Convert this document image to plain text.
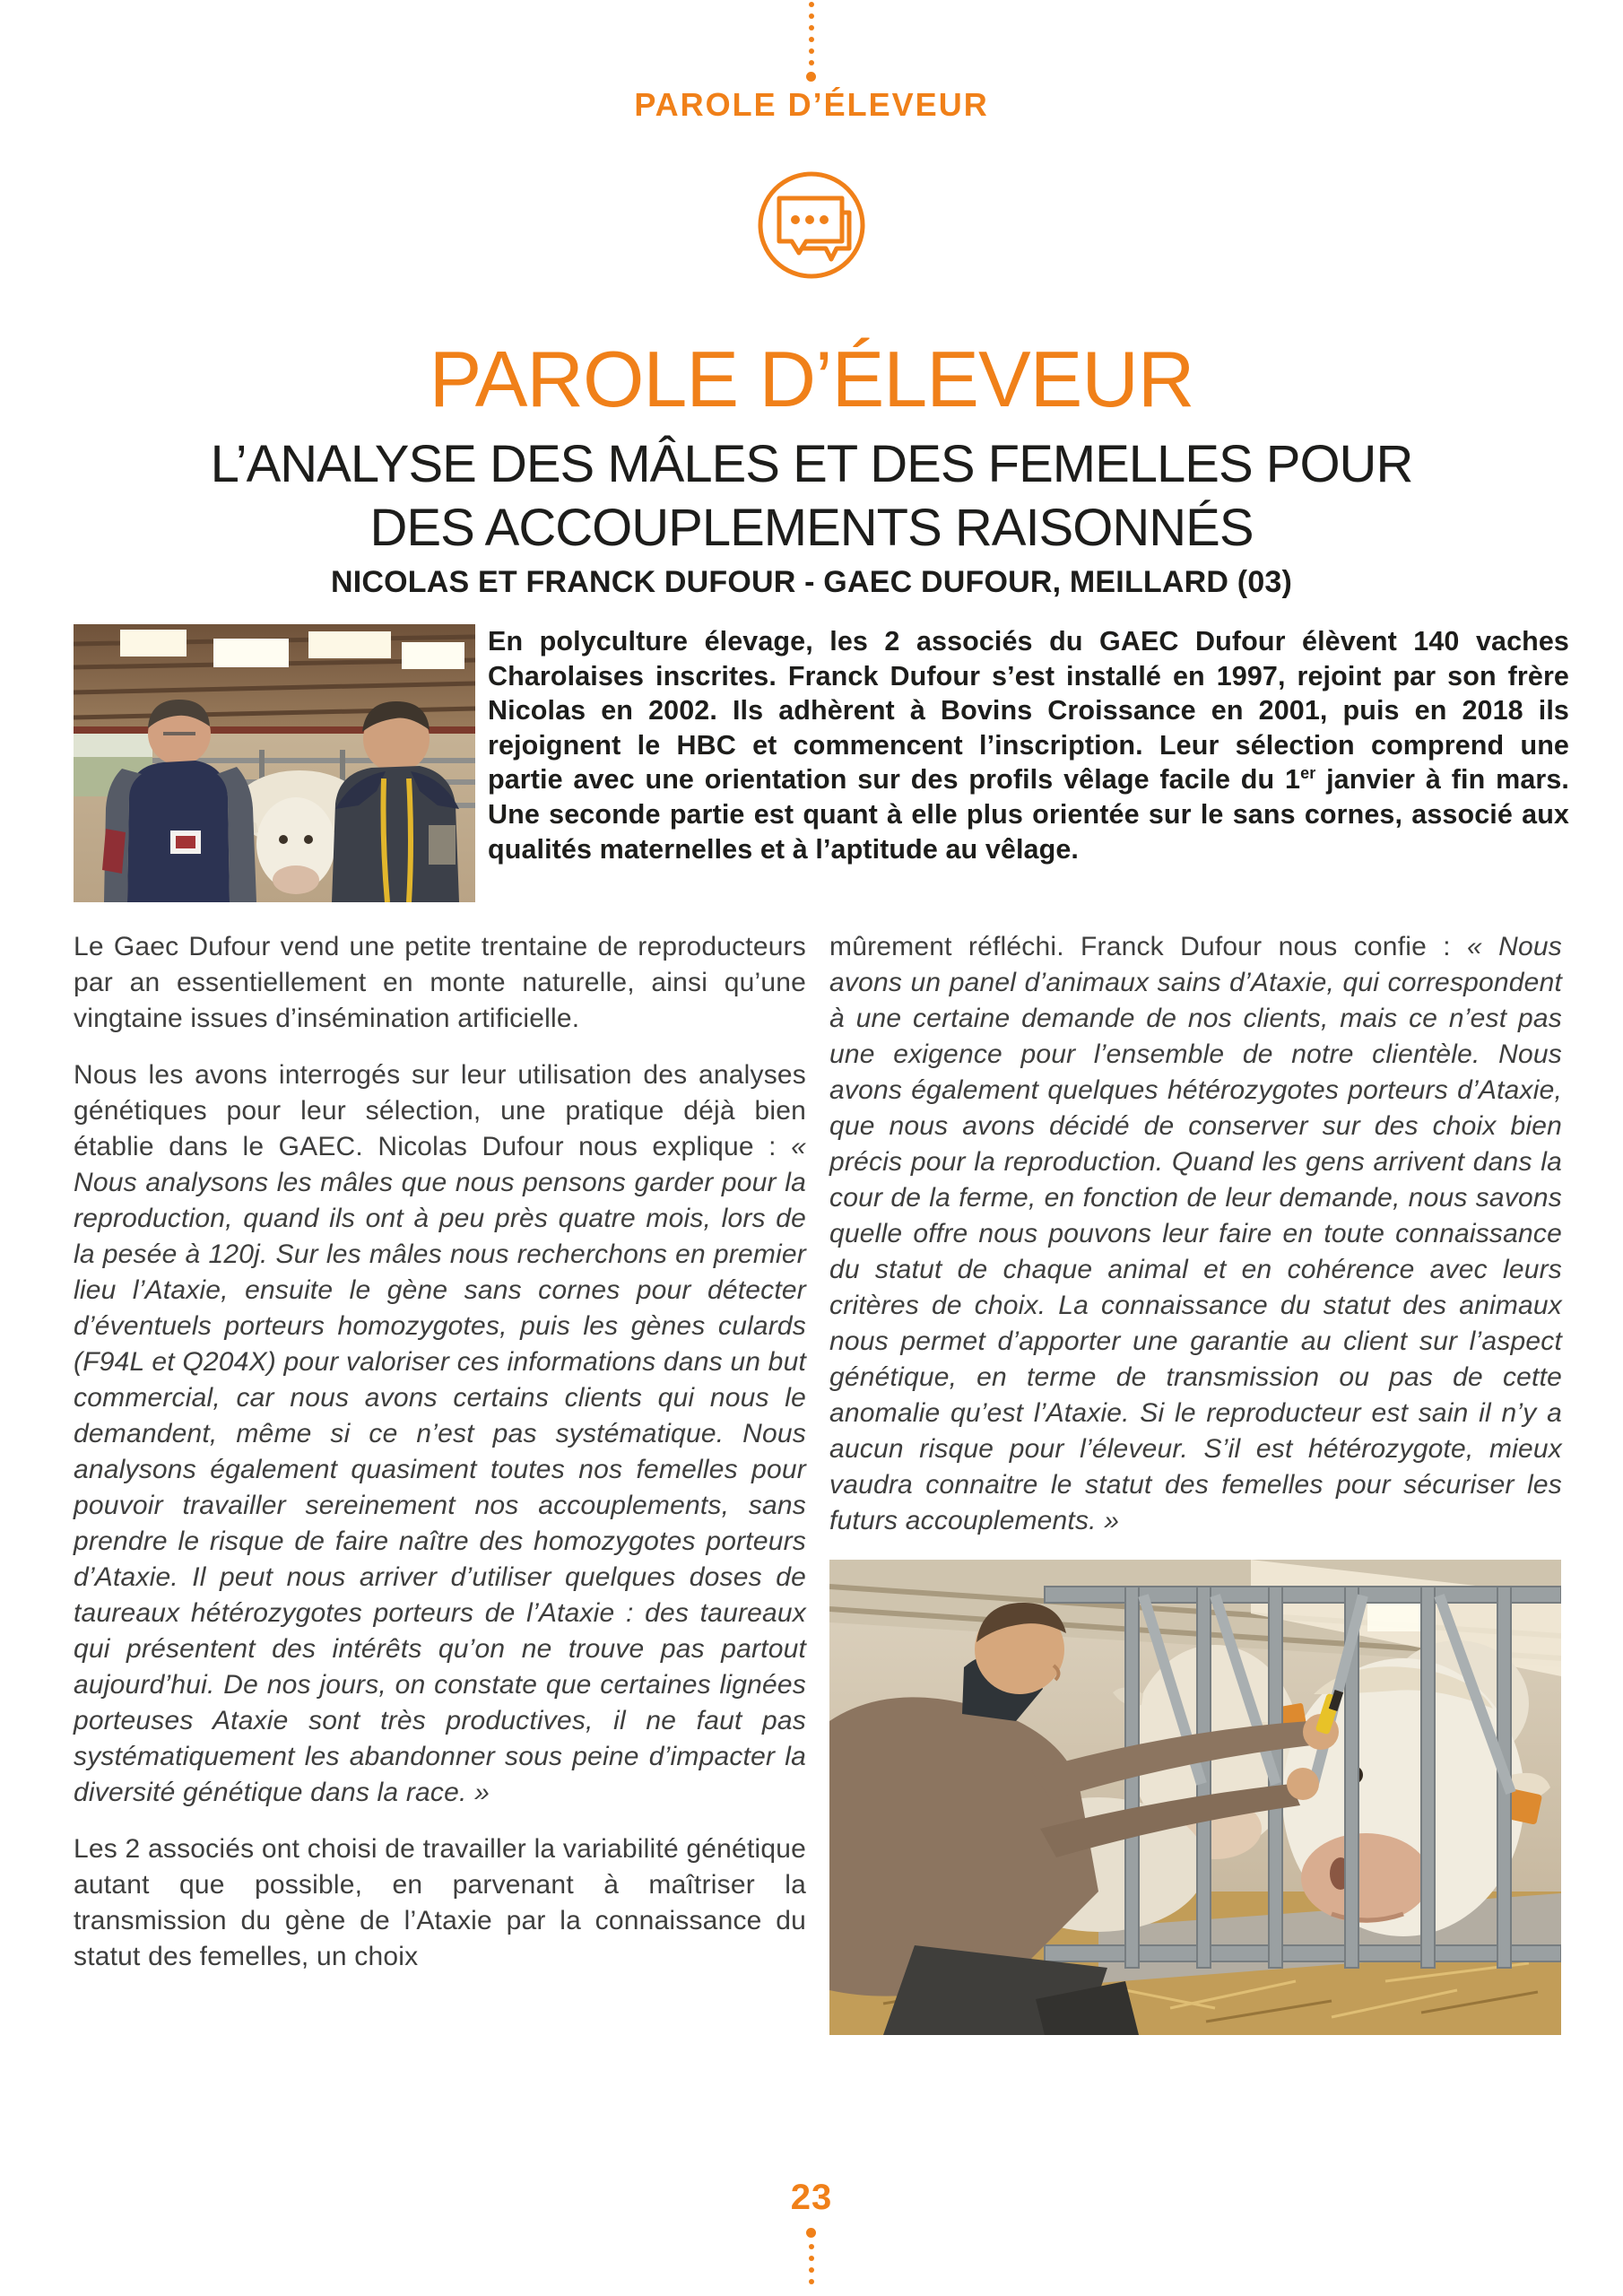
PAROLE D’ÉLEVEUR
PAROLE D’ÉLEVEUR
L’ANALYSE DES MÂLES ET DES FEMELLES POUR
DES ACCOUPLEMENTS RAISONNÉS
NICOLAS ET FRANCK DUFOUR - GAEC DUFOUR, MEILLARD (03)
En polyculture élevage, les 2 associés du GAEC Dufour élèvent 140 vaches Charolaises inscrites. Franck Dufour s’est installé en 1997, rejoint par son frère Nicolas en 2002. Ils adhèrent à Bovins Croissance en 2001, puis en 2018 ils rejoignent le HBC et commencent l’inscription. Leur sélection comprend une partie avec une orientation sur des profils vêlage facile du 1er janvier à fin mars. Une seconde partie est quant à elle plus orientée sur le sans cornes, associé aux qualités maternelles et à l’aptitude au vêlage.

Le Gaec Dufour vend une petite trentaine de reproducteurs par an essentiellement en monte naturelle, ainsi qu’une vingtaine issues d’insémination artificielle.

Nous les avons interrogés sur leur utilisation des analyses génétiques pour leur sélection, une pratique déjà bien établie dans le GAEC. Nicolas Dufour nous explique : « Nous analysons les mâles que nous pensons garder pour la reproduction, quand ils ont à peu près quatre mois, lors de la pesée à 120j. Sur les mâles nous recherchons en premier lieu l’Ataxie, ensuite le gène sans cornes pour détecter d’éventuels porteurs homozygotes, puis les gènes culards (F94L et Q204X) pour valoriser ces informations dans un but commercial, car nous avons certains clients qui nous le demandent, même si ce n’est pas systématique. Nous analysons également quasiment toutes nos femelles pour pouvoir travailler sereinement nos accouplements, sans prendre le risque de faire naître des homozygotes porteurs d’Ataxie. Il peut nous arriver d’utiliser quelques doses de taureaux hétérozygotes porteurs de l’Ataxie : des taureaux qui présentent des intérêts qu’on ne trouve pas partout aujourd’hui. De nos jours, on constate que certaines lignées porteuses Ataxie sont très productives, il ne faut pas systématiquement les abandonner sous peine d’impacter la diversité génétique dans la race. »

Les 2 associés ont choisi de travailler la variabilité génétique autant que possible, en parvenant à maîtriser la transmission du gène de l’Ataxie par la connaissance du statut des femelles, un choix

mûrement réfléchi. Franck Dufour nous confie : « Nous avons un panel d’animaux sains d’Ataxie, qui correspondent à une certaine demande de nos clients, mais ce n’est pas une exigence pour l’ensemble de notre clientèle. Nous avons également quelques hétérozygotes porteurs d’Ataxie, que nous avons décidé de conserver sur des choix bien précis pour la reproduction. Quand les gens arrivent dans la cour de la ferme, en fonction de leur demande, nous savons quelle offre nous pouvons leur faire en toute connaissance du statut de chaque animal et en cohérence avec leurs critères de choix. La connaissance du statut des animaux nous permet d’apporter une garantie au client sur l’aspect génétique, en terme de transmission ou pas de cette anomalie qu’est l’Ataxie. Si le reproducteur est sain il n’y a aucun risque pour l’éleveur. S’il est hétérozygote, mieux vaudra connaitre le statut des femelles pour sécuriser les futurs accouplements. »

23
